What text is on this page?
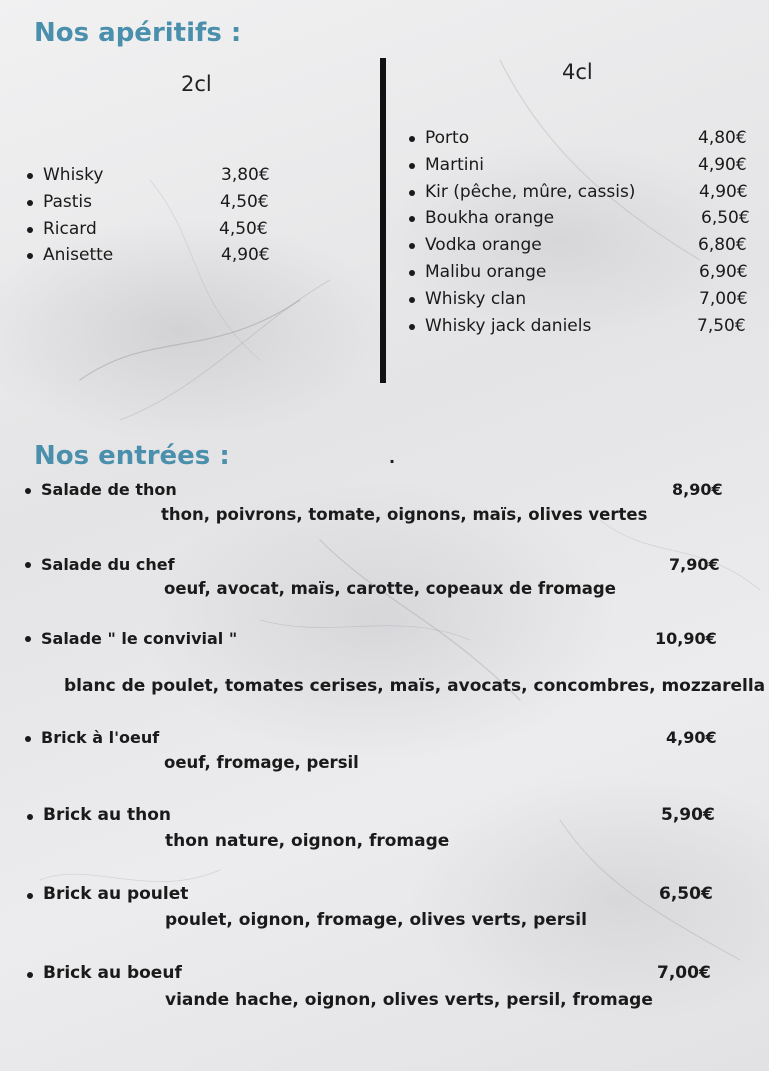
Nos apéritifs :
2cl	4cl
Whisky	3,80€
Pastis	4,50€
Ricard	4,50€
Anisette	4,90€
Porto	4,80€
Martini	4,90€
Kir (pêche, mûre, cassis)	4,90€
Boukha orange	6,50€
Vodka orange	6,80€
Malibu orange	6,90€
Whisky clan	7,00€
Whisky jack daniels	7,50€
Nos entrées :	.
Salade de thon	8,90€
thon, poivrons, tomate, oignons, maïs, olives vertes
Salade du chef	7,90€
oeuf, avocat, maïs, carotte, copeaux de fromage
Salade " le convivial "	10,90€
blanc de poulet, tomates cerises, maïs, avocats, concombres, mozzarella
Brick à l'oeuf	4,90€
oeuf, fromage, persil
Brick au thon	5,90€
thon nature, oignon, fromage
Brick au poulet	6,50€
poulet, oignon, fromage, olives verts, persil
Brick au boeuf	7,00€
viande hache, oignon, olives verts, persil, fromage
